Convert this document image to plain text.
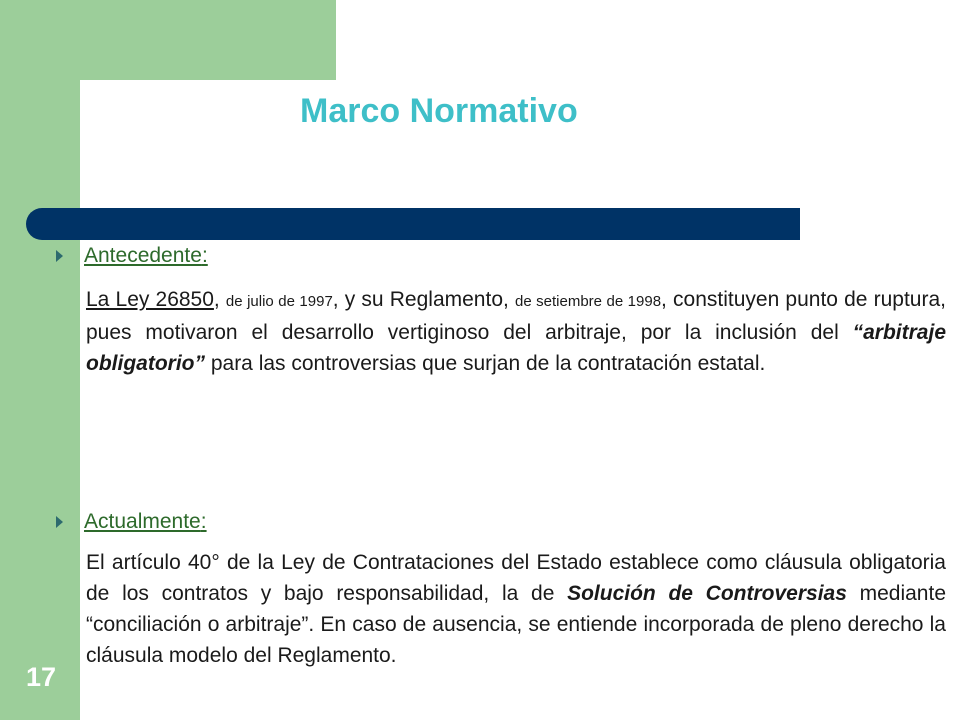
Marco Normativo
Antecedente:

La Ley 26850, de julio de 1997, y su Reglamento, de setiembre de 1998, constituyen punto de ruptura, pues motivaron el desarrollo vertiginoso del arbitraje, por la inclusión del “arbitraje obligatorio” para las controversias que surjan de la contratación estatal.

Actualmente:

El artículo 40° de la Ley de Contrataciones del Estado establece como cláusula obligatoria de los contratos y bajo responsabilidad, la de Solución de Controversias mediante “conciliación o arbitraje”. En caso de ausencia, se entiende incorporada de pleno derecho la cláusula modelo del Reglamento.

17
